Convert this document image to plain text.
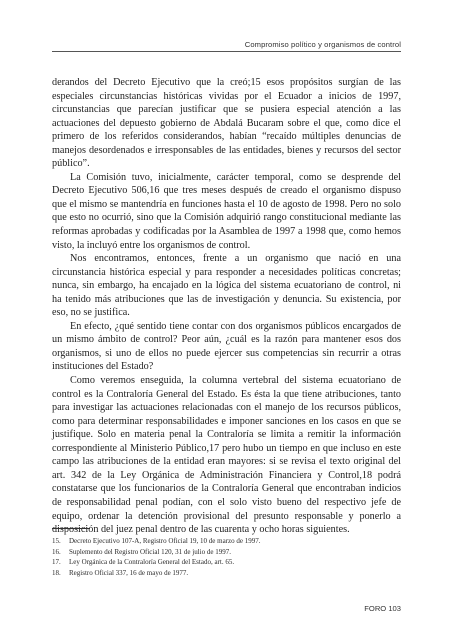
Compromiso político y organismos de control

derandos del Decreto Ejecutivo que la creó;15 esos propósitos surgían de las especiales circunstancias históricas vividas por el Ecuador a inicios de 1997, circunstancias que parecían justificar que se pusiera especial atención a las actuaciones del depuesto gobierno de Abdalá Bucaram sobre el que, como dice el primero de los referidos considerandos, habían “recaído múltiples denuncias de manejos desordenados e irresponsables de las entidades, bienes y recursos del sector público”.

La Comisión tuvo, inicialmente, carácter temporal, como se desprende del Decreto Ejecutivo 506,16 que tres meses después de creado el organismo dispuso que el mismo se mantendría en funciones hasta el 10 de agosto de 1998. Pero no solo que esto no ocurrió, sino que la Comisión adquirió rango constitucional mediante las reformas aprobadas y codificadas por la Asamblea de 1997 a 1998 que, como hemos visto, la incluyó entre los organismos de control.

Nos encontramos, entonces, frente a un organismo que nació en una circunstancia histórica especial y para responder a necesidades políticas concretas; nunca, sin embargo, ha encajado en la lógica del sistema ecuatoriano de control, ni ha tenido más atribuciones que las de investigación y denuncia. Su existencia, por eso, no se justifica.

En efecto, ¿qué sentido tiene contar con dos organismos públicos encargados de un mismo ámbito de control? Peor aún, ¿cuál es la razón para mantener esos dos organismos, si uno de ellos no puede ejercer sus competencias sin recurrir a otras instituciones del Estado?

Como veremos enseguida, la columna vertebral del sistema ecuatoriano de control es la Contraloría General del Estado. Es ésta la que tiene atribuciones, tanto para investigar las actuaciones relacionadas con el manejo de los recursos públicos, como para determinar responsabilidades e imponer sanciones en los casos en que se justifique. Solo en materia penal la Contraloría se limita a remitir la información correspondiente al Ministerio Público,17 pero hubo un tiempo en que incluso en este campo las atribuciones de la entidad eran mayores: si se revisa el texto original del art. 342 de la Ley Orgánica de Administración Financiera y Control,18 podrá constatarse que los funcionarios de la Contraloría General que encontraban indicios de responsabilidad penal podían, con el solo visto bueno del respectivo jefe de equipo, ordenar la detención provisional del presunto responsable y ponerlo a disposición del juez penal dentro de las cuarenta y ocho horas siguientes.

15.	Decreto Ejecutivo 107-A, Registro Oficial 19, 10 de marzo de 1997.
16.	Suplemento del Registro Oficial 120, 31 de julio de 1997.
17.	Ley Orgánica de la Contraloría General del Estado, art. 65.
18.	Registro Oficial 337, 16 de mayo de 1977.
FORO 103
